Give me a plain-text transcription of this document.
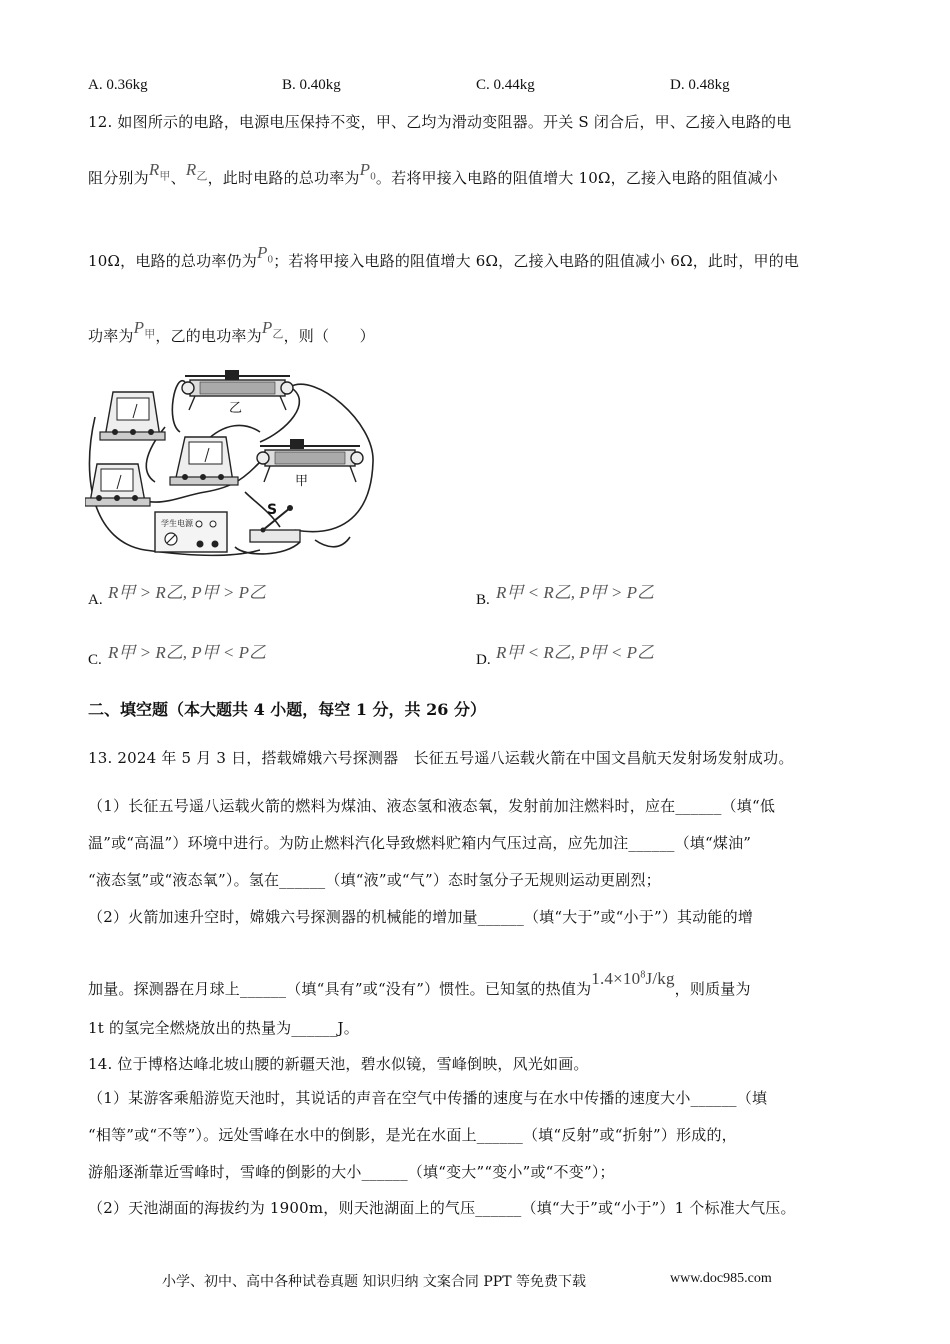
A. 0.36kg	B. 0.40kg	C. 0.44kg	D. 0.48kg
12. 如图所示的电路，电源电压保持不变，甲、乙均为滑动变阻器。开关 S 闭合后，甲、乙接入电路的电
阻分别为$R_甲$、$R_乙$，此时电路的总功率为$P_0$。若将甲接入电路的阻值增大 10Ω，乙接入电路的阻值减小
10Ω，电路的总功率仍为$P_0$；若将甲接入电路的阻值增大 6Ω，乙接入电路的阻值减小 6Ω，此时，甲的电
功率为$P_甲$，乙的电功率为$P_乙$，则（　　）
乙
甲
学生电源
S
A. R甲 > R乙, P甲 > P乙	B. R甲 < R乙, P甲 > P乙
C. R甲 > R乙, P甲 < P乙	D. R甲 < R乙, P甲 < P乙
二、填空题（本大题共 4 小题，每空 1 分，共 26 分）
13. 2024 年 5 月 3 日，搭载嫦娥六号探测器　长征五号遥八运载火箭在中国文昌航天发射场发射成功。
（1）长征五号遥八运载火箭的燃料为煤油、液态氢和液态氧，发射前加注燃料时，应在______（填“低
温”或“高温”）环境中进行。为防止燃料汽化导致燃料贮箱内气压过高，应先加注______（填“煤油”
“液态氢”或“液态氧”）。氢在______（填“液”或“气”）态时氢分子无规则运动更剧烈；
（2）火箭加速升空时，嫦娥六号探测器的机械能的增加量______（填“大于”或“小于”）其动能的增
加量。探测器在月球上______（填“具有”或“没有”）惯性。已知氢的热值为$1.4\times 10^8J/kg$，则质量为
1t 的氢完全燃烧放出的热量为______J。
14. 位于博格达峰北坡山腰的新疆天池，碧水似镜，雪峰倒映，风光如画。
（1）某游客乘船游览天池时，其说话的声音在空气中传播的速度与在水中传播的速度大小______（填
“相等”或“不等”）。远处雪峰在水中的倒影，是光在水面上______（填“反射”或“折射”）形成的，
游船逐渐靠近雪峰时，雪峰的倒影的大小______（填“变大”“变小”或“不变”）；
（2）天池湖面的海拔约为 1900m，则天池湖面上的气压______（填“大于”或“小于”）1 个标准大气压。
小学、初中、高中各种试卷真题 知识归纳 文案合同 PPT 等免费下载	www.doc985.com
